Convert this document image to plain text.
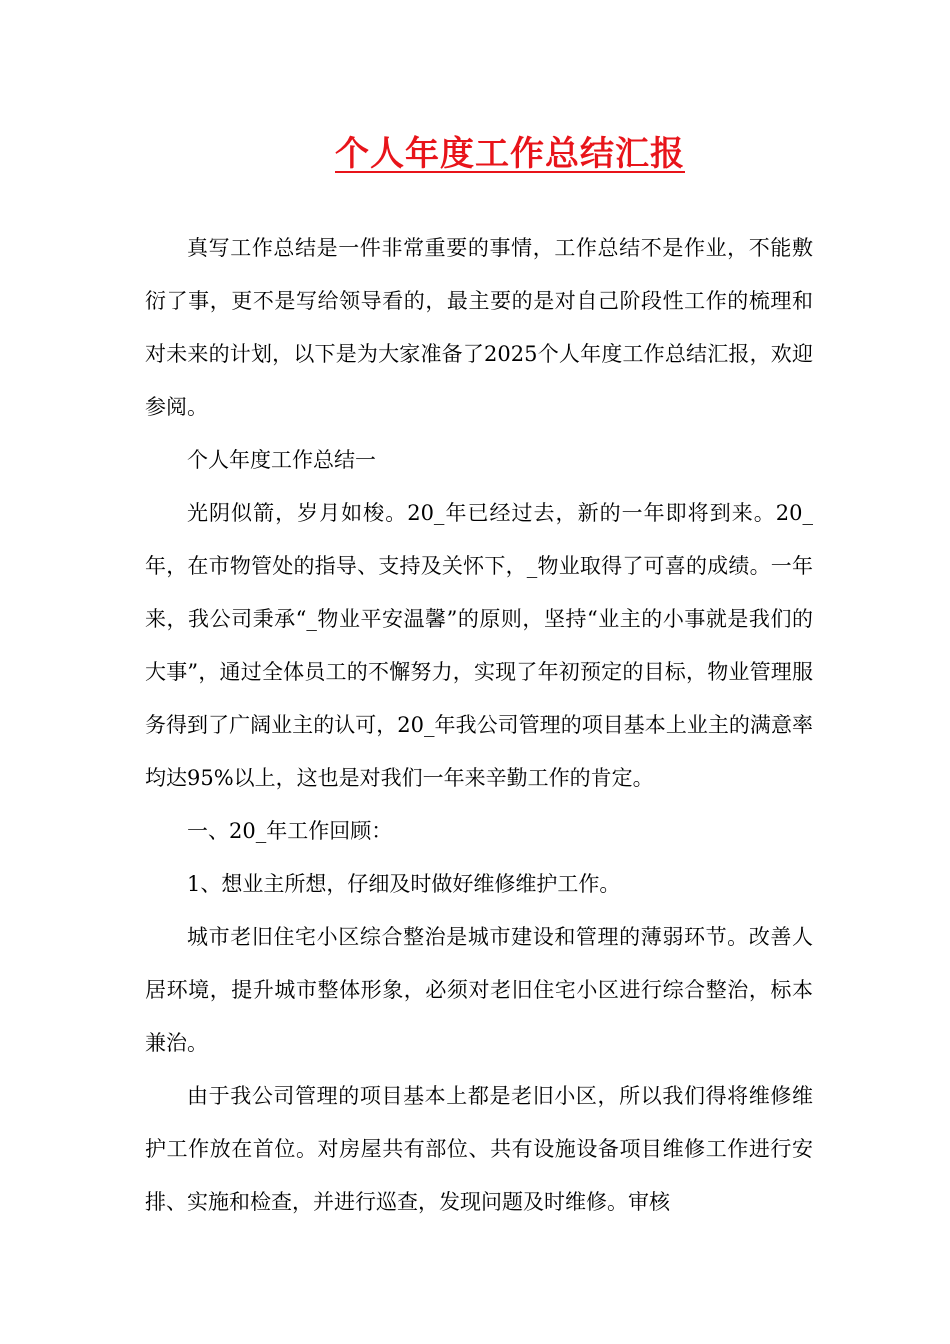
个人年度工作总结汇报

真写工作总结是一件非常重要的事情，工作总结不是作业，不能敷衍了事，更不是写给领导看的，最主要的是对自己阶段性工作的梳理和对未来的计划，以下是为大家准备了2025个人年度工作总结汇报，欢迎参阅。

个人年度工作总结一

光阴似箭，岁月如梭。20_年已经过去，新的一年即将到来。20_年，在市物管处的指导、支持及关怀下，_物业取得了可喜的成绩。一年来，我公司秉承“_物业平安温馨”的原则，坚持“业主的小事就是我们的大事”，通过全体员工的不懈努力，实现了年初预定的目标，物业管理服务得到了广阔业主的认可，20_年我公司管理的项目基本上业主的满意率均达95%以上，这也是对我们一年来辛勤工作的肯定。

一、20_年工作回顾：

1、想业主所想，仔细及时做好维修维护工作。

城市老旧住宅小区综合整治是城市建设和管理的薄弱环节。改善人居环境，提升城市整体形象，必须对老旧住宅小区进行综合整治，标本兼治。

由于我公司管理的项目基本上都是老旧小区，所以我们得将维修维护工作放在首位。对房屋共有部位、共有设施设备项目维修工作进行安排、实施和检查，并进行巡查，发现问题及时维修。审核
